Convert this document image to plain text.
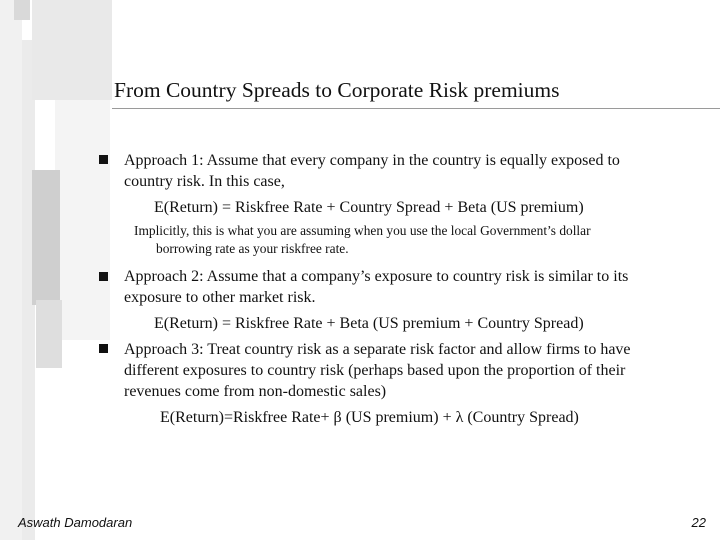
From Country Spreads to Corporate Risk premiums
Approach 1: Assume that every company in the country is equally exposed to
country risk. In this case,
E(Return) = Riskfree Rate + Country Spread + Beta (US premium)
Implicitly, this is what you are assuming when you use the local Government’s dollar
borrowing rate as your riskfree rate.
Approach 2: Assume that a company’s exposure to country risk is similar to its
exposure to other market risk.
E(Return) = Riskfree Rate + Beta (US premium + Country Spread)
Approach 3: Treat country risk as a separate risk factor and allow firms to have
different exposures to country risk (perhaps based upon the proportion of their
revenues come from non-domestic sales)
E(Return)=Riskfree Rate+ β (US premium) + λ (Country Spread)
Aswath Damodaran	22
